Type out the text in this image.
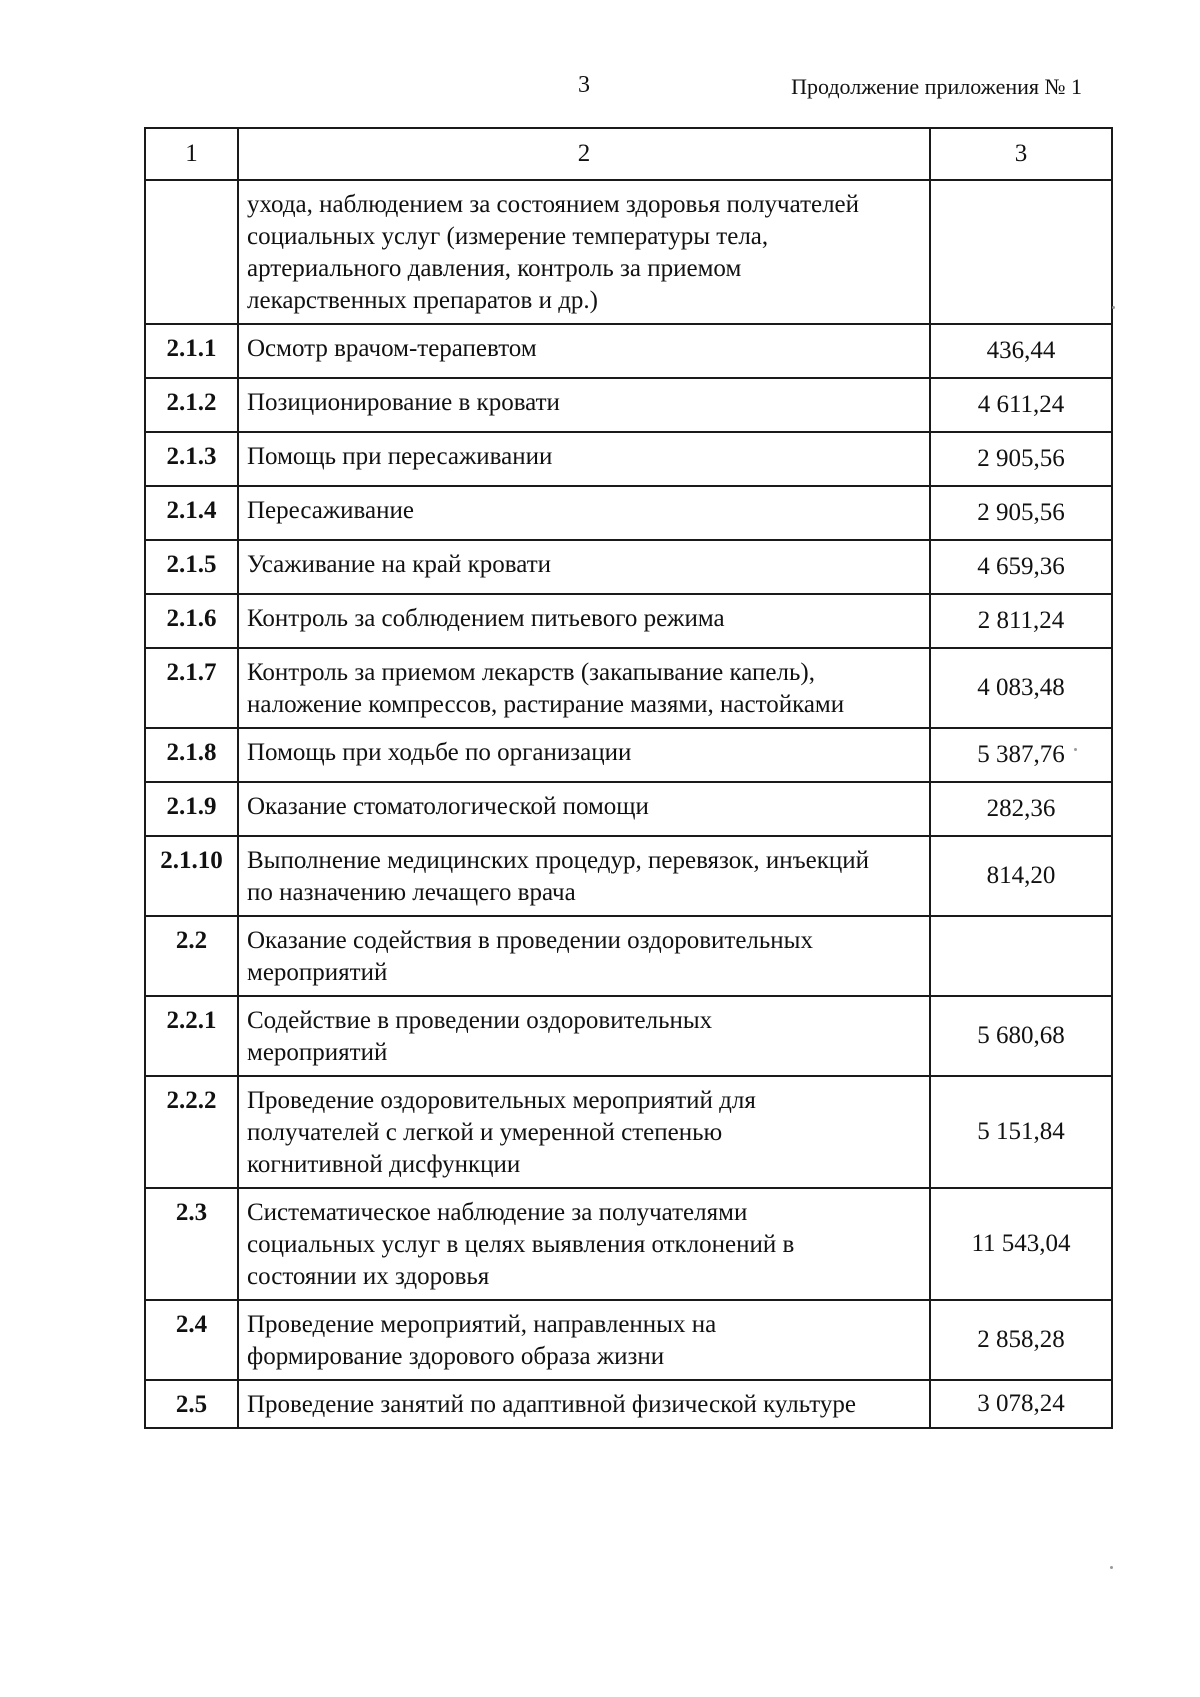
3	Продолжение приложения № 1
1	2	3

	ухода, наблюдением за состоянием здоровья получателей социальных услуг (измерение температуры тела, артериального давления, контроль за приемом лекарственных препаратов и др.)	

2.1.1	Осмотр врачом-терапевтом	436,44
2.1.2	Позиционирование в кровати	4 611,24
2.1.3	Помощь при пересаживании	2 905,56
2.1.4	Пересаживание	2 905,56
2.1.5	Усаживание на край кровати	4 659,36
2.1.6	Контроль за соблюдением питьевого режима	2 811,24
2.1.7	Контроль за приемом лекарств (закапывание капель), наложение компрессов, растирание мазями, настойками	4 083,48
2.1.8	Помощь при ходьбе по организации	5 387,76
2.1.9	Оказание стоматологической помощи	282,36
2.1.10	Выполнение медицинских процедур, перевязок, инъекций по назначению лечащего врача	814,20
2.2	Оказание содействия в проведении оздоровительных мероприятий	
2.2.1	Содействие в проведении оздоровительных мероприятий	5 680,68
2.2.2	Проведение оздоровительных мероприятий для получателей с легкой и умеренной степенью когнитивной дисфункции	5 151,84
2.3	Систематическое наблюдение за получателями социальных услуг в целях выявления отклонений в состоянии их здоровья	11 543,04
2.4	Проведение мероприятий, направленных на формирование здорового образа жизни	2 858,28
2.5	Проведение занятий по адаптивной физической культуре	3 078,24
